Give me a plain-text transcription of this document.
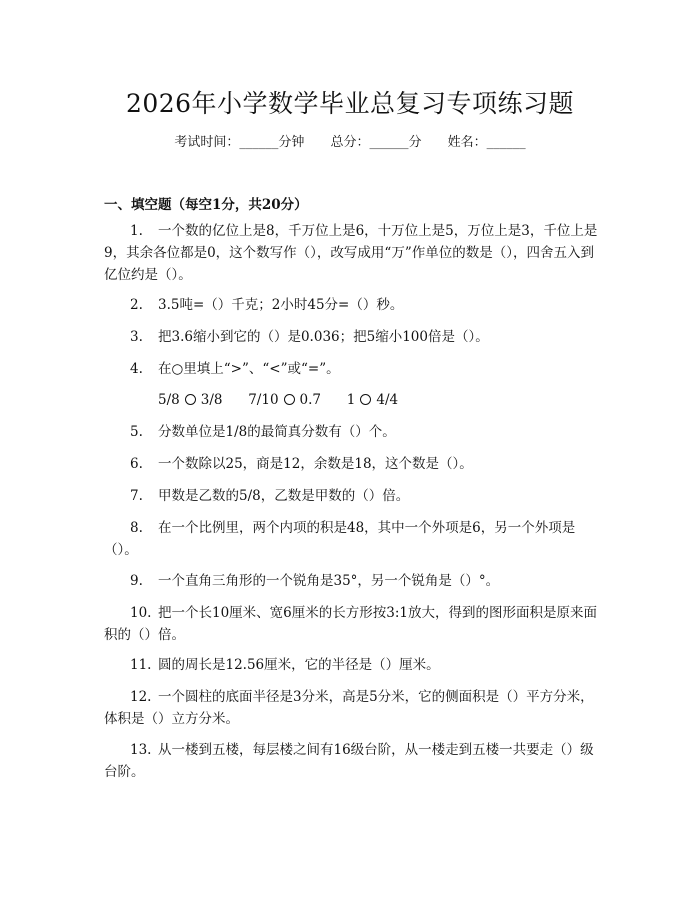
2026年小学数学毕业总复习专项练习题
考试时间：______分钟 总分：______分 姓名：______
一、填空题（每空1分，共20分）

1. 一个数的亿位上是8，千万位上是6，十万位上是5，万位上是3，千位上是9，其余各位都是0，这个数写作（），改写成用“万”作单位的数是（），四舍五入到亿位约是（）。

2. 3.5吨=（）千克；2小时45分=（）秒。

3. 把3.6缩小到它的（）是0.036；把5缩小100倍是（）。

4. 在○里填上“>”、“<”或“=”。

5/8 3/8 7/10 0.7 1 4/4

5. 分数单位是1/8的最简真分数有（）个。

6. 一个数除以25，商是12，余数是18，这个数是（）。

7. 甲数是乙数的5/8，乙数是甲数的（）倍。

8. 在一个比例里，两个内项的积是48，其中一个外项是6，另一个外项是（）。

9. 一个直角三角形的一个锐角是35°，另一个锐角是（）°。

10. 把一个长10厘米、宽6厘米的长方形按3:1放大，得到的图形面积是原来面积的（）倍。

11. 圆的周长是12.56厘米，它的半径是（）厘米。

12. 一个圆柱的底面半径是3分米，高是5分米，它的侧面积是（）平方分米，体积是（）立方分米。

13. 从一楼到五楼，每层楼之间有16级台阶，从一楼走到五楼一共要走（）级台阶。
